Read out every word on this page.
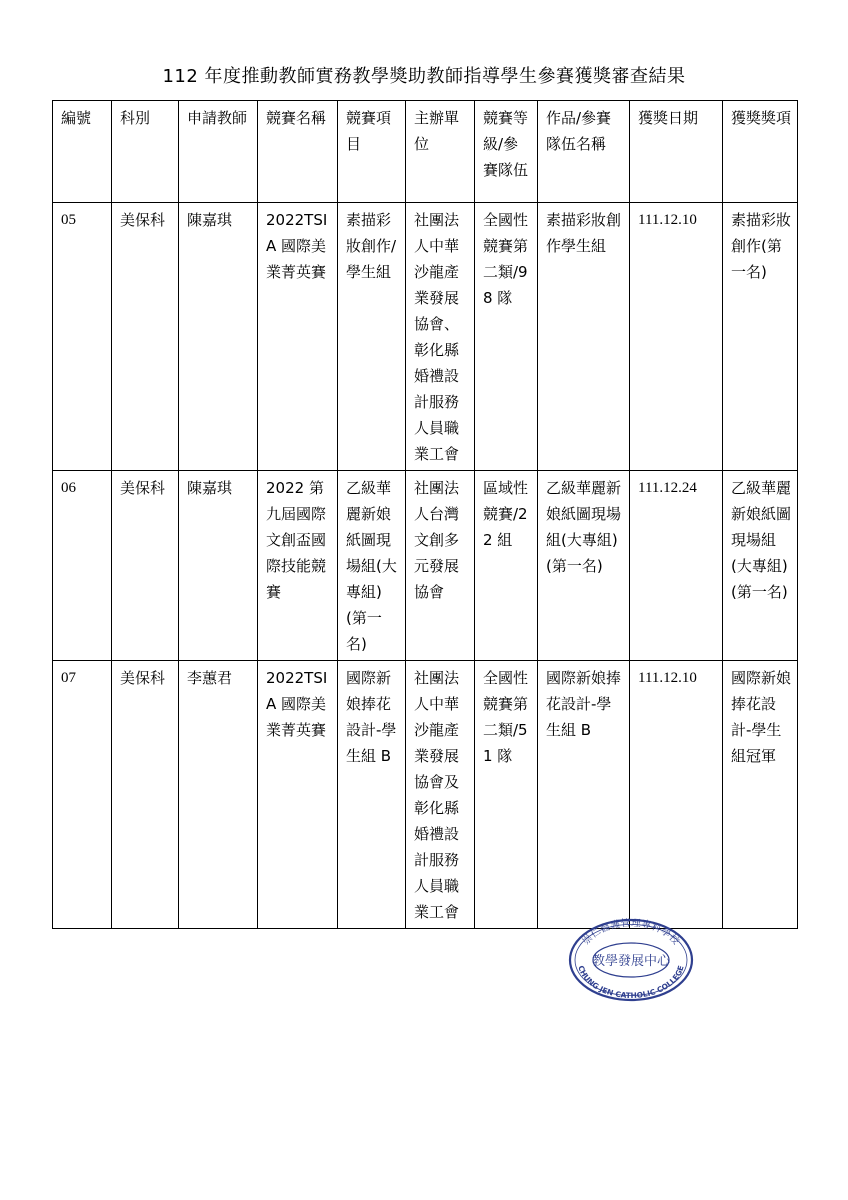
112 年度推動教師實務教學獎助教師指導學生參賽獲獎審查結果
編號	科別	申請教師	競賽名稱	競賽項目	主辦單位	競賽等級/參賽隊伍	作品/參賽隊伍名稱	獲獎日期	獲獎獎項
05	美保科	陳嘉琪	2022TSIA 國際美業菁英賽	素描彩妝創作/學生組	社團法人中華沙龍產業發展協會、彰化縣婚禮設計服務人員職業工會	全國性競賽第二類/98 隊	素描彩妝創作學生組	111.12.10	素描彩妝創作(第一名)
06	美保科	陳嘉琪	2022 第九屆國際文創盃國際技能競賽	乙級華麗新娘紙圖現場組(大專組)(第一名)	社團法人台灣文創多元發展協會	區域性競賽/22 組	乙級華麗新娘紙圖現場組(大專組)(第一名)	111.12.24	乙級華麗新娘紙圖現場組(大專組)(第一名)
07	美保科	李蕙君	2022TSIA 國際美業菁英賽	國際新娘捧花設計-學生組 B	社團法人中華沙龍產業發展協會及彰化縣婚禮設計服務人員職業工會	全國性競賽第二類/51 隊	國際新娘捧花設計-學生組 B	111.12.10	國際新娘捧花設計-學生組冠軍
崇仁醫護管理專科學校
教學發展中心
CHUNG JEN CATHOLIC COLLEGE
